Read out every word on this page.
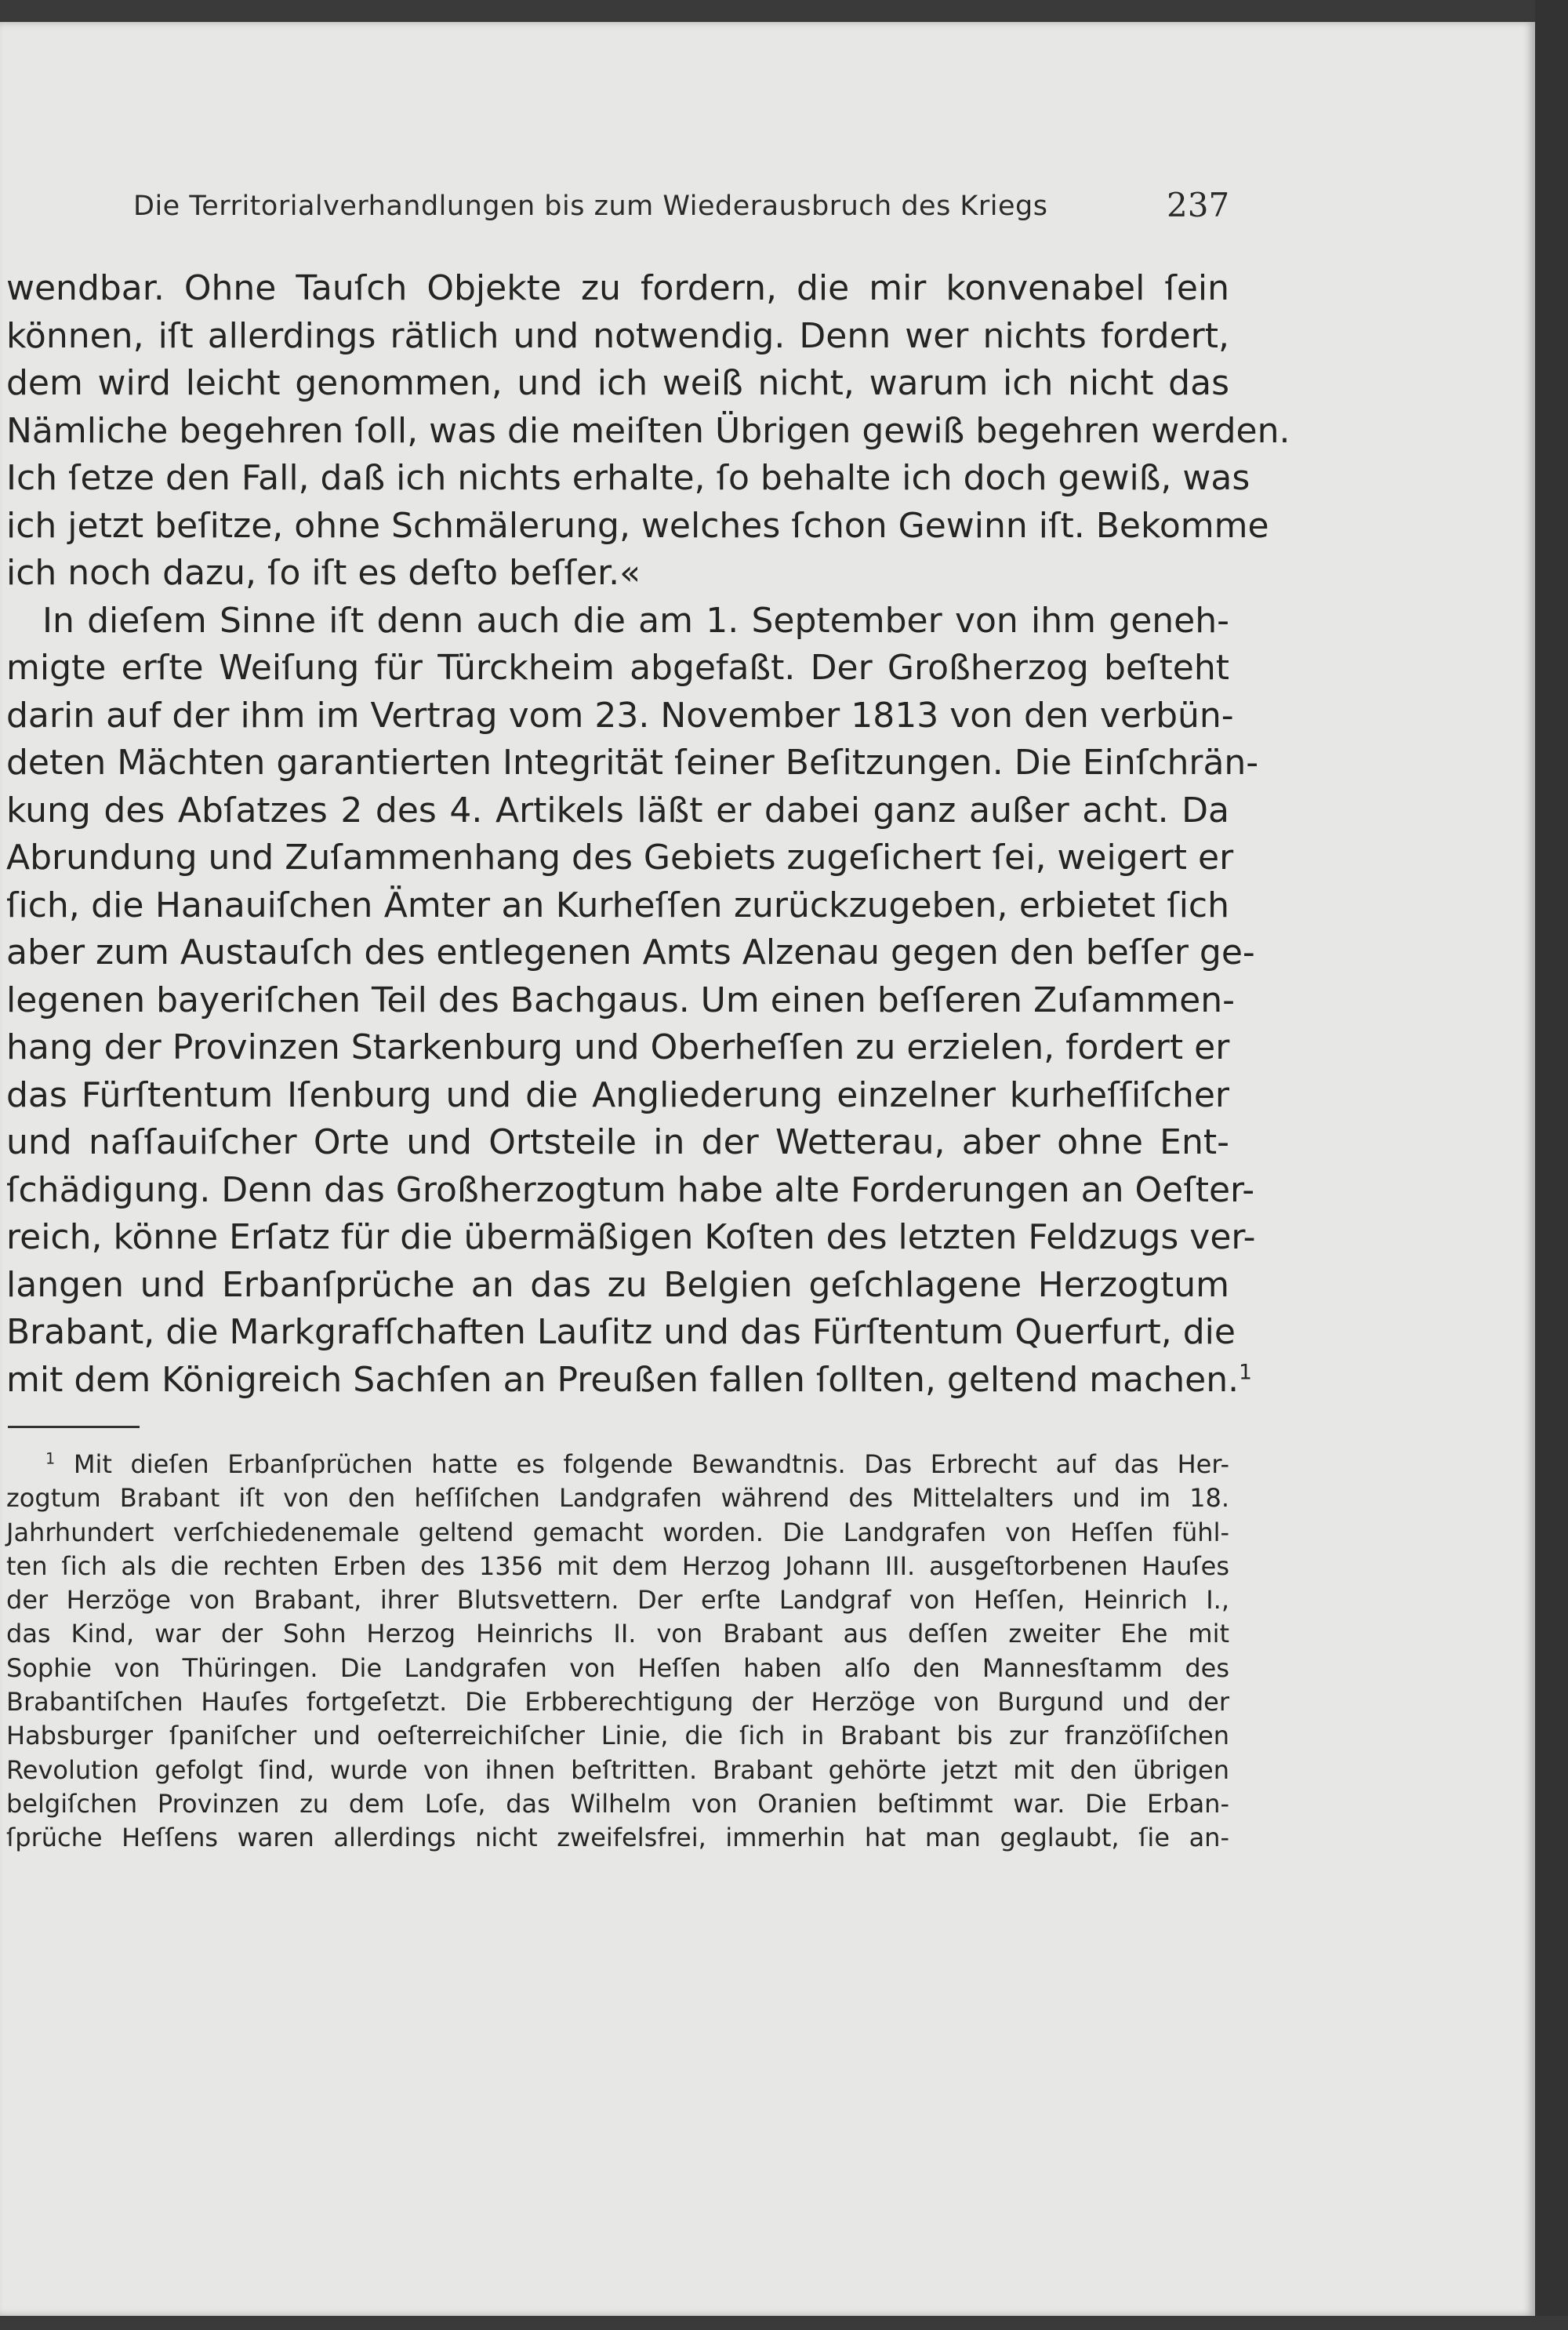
Die Territorialverhandlungen bis zum Wiederausbruch des Kriegs	237
wendbar. Ohne Tauſch Objekte zu fordern, die mir konvenabel ſein
können, iſt allerdings rätlich und notwendig. Denn wer nichts fordert,
dem wird leicht genommen, und ich weiß nicht, warum ich nicht das
Nämliche begehren ſoll, was die meiſten Übrigen gewiß begehren werden.
Ich ſetze den Fall, daß ich nichts erhalte, ſo behalte ich doch gewiß, was
ich jetzt beſitze, ohne Schmälerung, welches ſchon Gewinn iſt. Bekomme
ich noch dazu, ſo iſt es deſto beſſer.«
In dieſem Sinne iſt denn auch die am 1. September von ihm geneh-
migte erſte Weiſung für Türckheim abgefaßt. Der Großherzog beſteht
darin auf der ihm im Vertrag vom 23. November 1813 von den verbün-
deten Mächten garantierten Integrität ſeiner Beſitzungen. Die Einſchrän-
kung des Abſatzes 2 des 4. Artikels läßt er dabei ganz außer acht. Da
Abrundung und Zuſammenhang des Gebiets zugeſichert ſei, weigert er
ſich, die Hanauiſchen Ämter an Kurheſſen zurückzugeben, erbietet ſich
aber zum Austauſch des entlegenen Amts Alzenau gegen den beſſer ge-
legenen bayeriſchen Teil des Bachgaus. Um einen beſſeren Zuſammen-
hang der Provinzen Starkenburg und Oberheſſen zu erzielen, fordert er
das Fürſtentum Iſenburg und die Angliederung einzelner kurheſſiſcher
und naſſauiſcher Orte und Ortsteile in der Wetterau, aber ohne Ent-
ſchädigung. Denn das Großherzogtum habe alte Forderungen an Oeſter-
reich, könne Erſatz für die übermäßigen Koſten des letzten Feldzugs ver-
langen und Erbanſprüche an das zu Belgien geſchlagene Herzogtum
Brabant, die Markgrafſchaften Lauſitz und das Fürſtentum Querfurt, die
mit dem Königreich Sachſen an Preußen fallen ſollten, geltend machen.$^1$
$^1$ Mit dieſen Erbanſprüchen hatte es folgende Bewandtnis. Das Erbrecht auf das Her-
zogtum Brabant iſt von den heſſiſchen Landgrafen während des Mittelalters und im 18.
Jahrhundert verſchiedenemale geltend gemacht worden. Die Landgrafen von Heſſen fühl-
ten ſich als die rechten Erben des 1356 mit dem Herzog Johann III. ausgeſtorbenen Hauſes
der Herzöge von Brabant, ihrer Blutsvettern. Der erſte Landgraf von Heſſen, Heinrich I.,
das Kind, war der Sohn Herzog Heinrichs II. von Brabant aus deſſen zweiter Ehe mit
Sophie von Thüringen. Die Landgrafen von Heſſen haben alſo den Mannesſtamm des
Brabantiſchen Hauſes fortgeſetzt. Die Erbberechtigung der Herzöge von Burgund und der
Habsburger ſpaniſcher und oeſterreichiſcher Linie, die ſich in Brabant bis zur franzöſiſchen
Revolution gefolgt ſind, wurde von ihnen beſtritten. Brabant gehörte jetzt mit den übrigen
belgiſchen Provinzen zu dem Loſe, das Wilhelm von Oranien beſtimmt war. Die Erban-
ſprüche Heſſens waren allerdings nicht zweifelsfrei, immerhin hat man geglaubt, ſie an-
